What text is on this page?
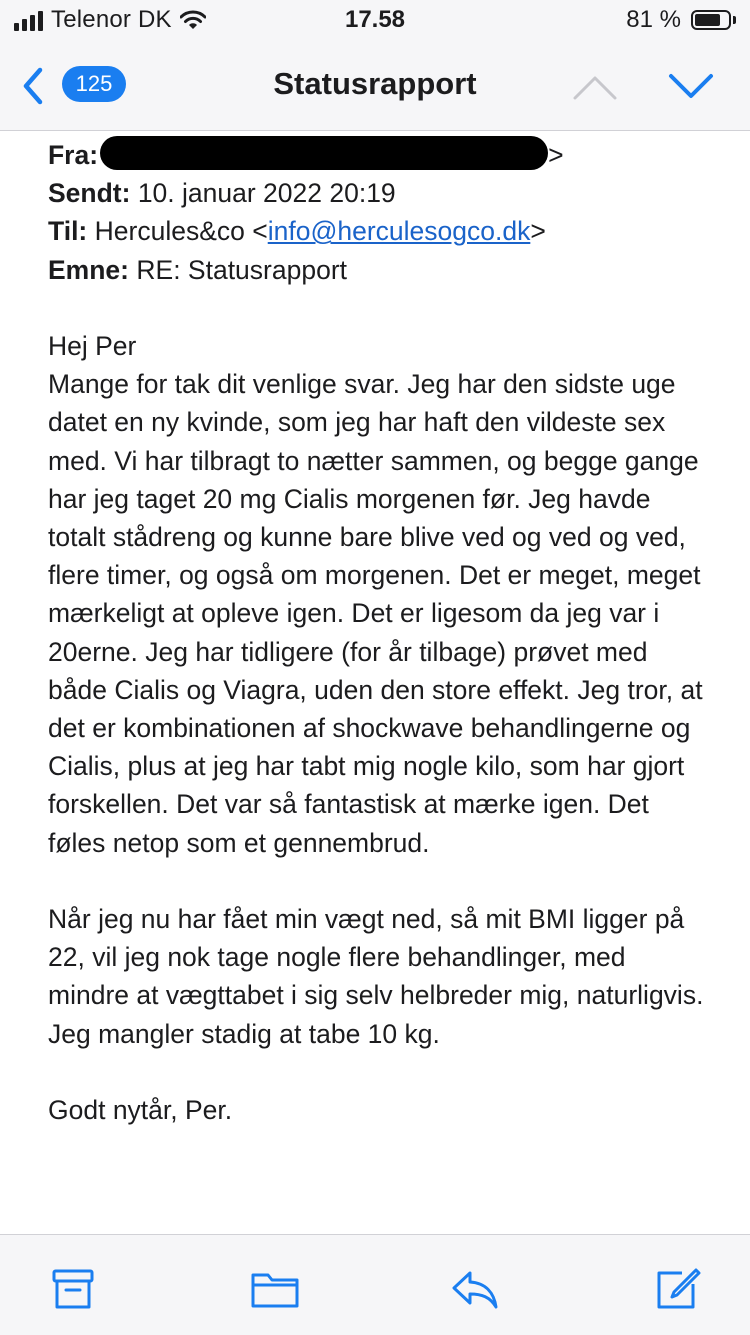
Telenor DK	17.58	81 %
125	Statusrapport
Fra:	>
Sendt: 10. januar 2022 20:19
Til: Hercules&co <info@herculesogco.dk>
Emne: RE: Statusrapport

Hej Per

Mange for tak dit venlige svar. Jeg har den sidste uge datet en ny kvinde, som jeg har haft den vildeste sex med. Vi har tilbragt to nætter sammen, og begge gange har jeg taget 20 mg Cialis morgenen før. Jeg havde totalt stådreng og kunne bare blive ved og ved og ved, flere timer, og også om morgenen. Det er meget, meget mærkeligt at opleve igen. Det er ligesom da jeg var i 20erne. Jeg har tidligere (for år tilbage) prøvet med både Cialis og Viagra, uden den store effekt. Jeg tror, at det er kombinationen af shockwave behandlingerne og Cialis, plus at jeg har tabt mig nogle kilo, som har gjort forskellen. Det var så fantastisk at mærke igen. Det føles netop som et gennembrud.

Når jeg nu har fået min vægt ned, så mit BMI ligger på 22, vil jeg nok tage nogle flere behandlinger, med mindre at vægttabet i sig selv helbreder mig, naturligvis. Jeg mangler stadig at tabe 10 kg.

Godt nytår, Per.
